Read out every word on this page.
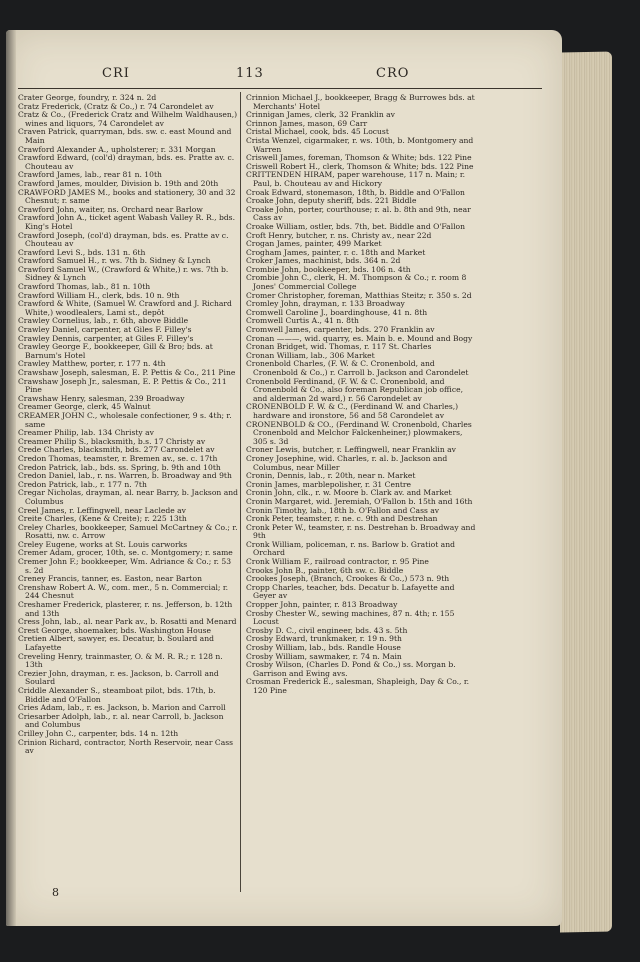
CRI	113	CRO

Crater George, foundry, r. 324 n. 2d

Cratz Frederick, (Cratz & Co.,) r. 74 Carondelet av

Cratz & Co., (Frederick Cratz and Wilhelm Waldhausen,) wines and liquors, 74 Carondelet av

Craven Patrick, quarryman, bds. sw. c. east Mound and Main

Crawford Alexander A., upholsterer; r. 331 Morgan

Crawford Edward, (col'd) drayman, bds. es. Pratte av. c. Chouteau av

Crawford James, lab., rear 81 n. 10th

Crawford James, moulder, Division b. 19th and 20th

CRAWFORD JAMES M., books and stationery, 30 and 32 Chesnut; r. same

Crawford John, waiter, ns. Orchard near Barlow

Crawford John A., ticket agent Wabash Valley R. R., bds. King's Hotel

Crawford Joseph, (col'd) drayman, bds. es. Pratte av c. Chouteau av

Crawford Levi S., bds. 131 n. 6th

Crawford Samuel H., r. ws. 7th b. Sidney & Lynch

Crawford Samuel W., (Crawford & White,) r. ws. 7th b. Sidney & Lynch

Crawford Thomas, lab., 81 n. 10th

Crawford William H., clerk, bds. 10 n. 9th

Crawford & White, (Samuel W. Crawford and J. Richard White,) woodlealers, Lami st., depôt

Crawley Cornelius, lab., r. 6th, above Biddle

Crawley Daniel, carpenter, at Giles F. Filley's

Crawley Dennis, carpenter, at Giles F. Filley's

Crawley George F., bookkeeper, Gill & Bro; bds. at Barnum's Hotel

Crawley Matthew, porter, r. 177 n. 4th

Crawshaw Joseph, salesman, E. P. Pettis & Co., 211 Pine

Crawshaw Joseph Jr., salesman, E. P. Pettis & Co., 211 Pine

Crawshaw Henry, salesman, 239 Broadway

Creamer George, clerk, 45 Walnut

CREAMER JOHN C., wholesale confectioner, 9 s. 4th; r. same

Creamer Philip, lab. 134 Christy av

Creamer Philip S., blacksmith, b.s. 17 Christy av

Crede Charles, blacksmith, bds. 277 Carondelet av

Credon Thomas, teamster, r. Bremen av., se. c. 17th

Credon Patrick, lab., bds. ss. Spring, b. 9th and 10th

Credon Daniel, lab., r. ns. Warren, b. Broadway and 9th

Credon Patrick, lab., r. 177 n. 7th

Cregar Nicholas, drayman, al. near Barry, b. Jackson and Columbus

Creel James, r. Leffingwell, near Laclede av

Creite Charles, (Kene & Creite); r. 225 13th

Creley Charles, bookkeeper, Samuel McCartney & Co.; r. Rosatti, nw. c. Arrow

Creley Eugene, works at St. Louis carworks

Cremer Adam, grocer, 10th, se. c. Montgomery; r. same

Cremer John F.; bookkeeper, Wm. Adriance & Co.; r. 53 s. 2d

Creney Francis, tanner, es. Easton, near Barton

Crenshaw Robert A. W., com. mer., 5 n. Commercial; r. 244 Chesnut

Creshamer Frederick, plasterer, r. ns. Jefferson, b. 12th and 13th

Cress John, lab., al. near Park av., b. Rosatti and Menard

Crest George, shoemaker, bds. Washington House

Cretien Albert, sawyer, es. Decatur, b. Soulard and Lafayette

Creveling Henry, trainmaster, O. & M. R. R.; r. 128 n. 13th

Crezier John, drayman, r. es. Jackson, b. Carroll and Soulard

Criddle Alexander S., steamboat pilot, bds. 17th, b. Biddle and O'Fallon

Cries Adam, lab., r. es. Jackson, b. Marion and Carroll

Criesarber Adolph, lab., r. al. near Carroll, b. Jackson and Columbus

Crilley John C., carpenter, bds. 14 n. 12th

Crinion Richard, contractor, North Reservoir, near Cass av

Crinnion Michael J., bookkeeper, Bragg & Burrowes bds. at Merchants' Hotel

Crinnigan James, clerk, 32 Franklin av

Crinnon James, mason, 69 Carr

Cristal Michael, cook, bds. 45 Locust

Crista Wenzel, cigarmaker, r. ws. 10th, b. Montgomery and Warren

Criswell James, foreman, Thomson & White; bds. 122 Pine

Criswell Robert H., clerk, Thomson & White; bds. 122 Pine

CRITTENDEN HIRAM, paper warehouse, 117 n. Main; r. Paul, b. Chouteau av and Hickory

Croak Edward, stonemason, 18th, b. Biddle and O'Fallon

Croake John, deputy sheriff, bds. 221 Biddle

Croake John, porter, courthouse; r. al. b. 8th and 9th, near Cass av

Croake William, ostler, bds. 7th, bet. Biddle and O'Fallon

Croft Henry, butcher, r. ns. Christy av., near 22d

Crogan James, painter, 499 Market

Crogham James, painter, r. c. 18th and Market

Croker James, machinist, bds. 364 n. 2d

Crombie John, bookkeeper, bds. 106 n. 4th

Crombie John C., clerk, H. M. Thompson & Co.; r. room 8 Jones' Commercial College

Cromer Christopher, foreman, Matthias Steitz; r. 350 s. 2d

Cromley John, drayman, r. 133 Broadway

Cromwell Caroline J., boardinghouse, 41 n. 8th

Cromwell Curtis A., 41 n. 8th

Cromwell James, carpenter, bds. 270 Franklin av

Cronan ———, wid. quarry, es. Main b. e. Mound and Bogy

Cronan Bridget, wid. Thomas, r. 117 St. Charles

Cronan William, lab., 306 Market

Cronenbold Charles, (F. W. & C. Cronenbold, and Cronenbold & Co.,) r. Carroll b. Jackson and Carondelet

Cronenbold Ferdinand, (F. W. & C. Cronenbold, and Cronenbold & Co., also foreman Republican job office, and alderman 2d ward,) r. 56 Carondelet av

CRONENBOLD F. W. & C., (Ferdinand W. and Charles,) hardware and ironstore, 56 and 58 Carondelet av

CRONENBOLD & CO., (Ferdinand W. Cronenbold, Charles Cronenbold and Melchor Falckenheiner,) plowmakers, 305 s. 3d

Croner Lewis, butcher, r. Leffingwell, near Franklin av

Croney Josephine, wid. Charles, r. al. b. Jackson and Columbus, near Miller

Cronin, Dennis, lab., r. 20th, near n. Market

Cronin James, marblepolisher, r. 31 Centre

Cronin John, clk., r. w. Moore b. Clark av. and Market

Cronin Margaret, wid. Jeremiah, O'Fallon b. 15th and 16th

Cronin Timothy, lab., 18th b. O'Fallon and Cass av

Cronk Peter, teamster, r. ne. c. 9th and Destrehan

Cronk Peter W., teamster, r. ns. Destrehan b. Broadway and 9th

Cronk William, policeman, r. ns. Barlow b. Gratiot and Orchard

Cronk William F., railroad contractor, r. 95 Pine

Crooks John B., painter, 6th sw. c. Biddle

Crookes Joseph, (Branch, Crookes & Co.,) 573 n. 9th

Cropp Charles, teacher, bds. Decatur b. Lafayette and Geyer av

Cropper John, painter, r. 813 Broadway

Crosby Chester W., sewing machines, 87 n. 4th; r. 155 Locust

Crosby D. C., civil engineer, bds. 43 s. 5th

Crosby Edward, trunkmaker, r. 19 n. 9th

Crosby William, lab., bds. Randle House

Crosby William, sawmaker, r. 74 n. Main

Crosby Wilson, (Charles D. Pond & Co.,) ss. Morgan b. Garrison and Ewing avs.

Crosman Frederick E., salesman, Shapleigh, Day & Co., r. 120 Pine

8
